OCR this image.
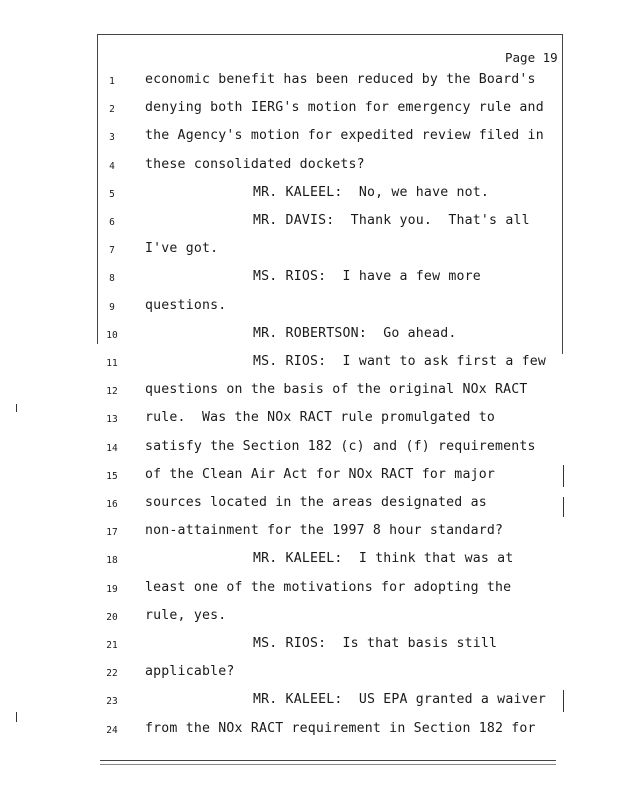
Page 19
1	economic benefit has been reduced by the Board's
2	denying both IERG's motion for emergency rule and
3	the Agency's motion for expedited review filed in
4	these consolidated dockets?
5	MR. KALEEL:  No, we have not.
6	MR. DAVIS:  Thank you.  That's all
7	I've got.
8	MS. RIOS:  I have a few more
9	questions.
10	MR. ROBERTSON:  Go ahead.
11	MS. RIOS:  I want to ask first a few
12	questions on the basis of the original NOx RACT
13	rule.  Was the NOx RACT rule promulgated to
14	satisfy the Section 182 (c) and (f) requirements
15	of the Clean Air Act for NOx RACT for major
16	sources located in the areas designated as
17	non-attainment for the 1997 8 hour standard?
18	MR. KALEEL:  I think that was at
19	least one of the motivations for adopting the
20	rule, yes.
21	MS. RIOS:  Is that basis still
22	applicable?
23	MR. KALEEL:  US EPA granted a waiver
24	from the NOx RACT requirement in Section 182 for
